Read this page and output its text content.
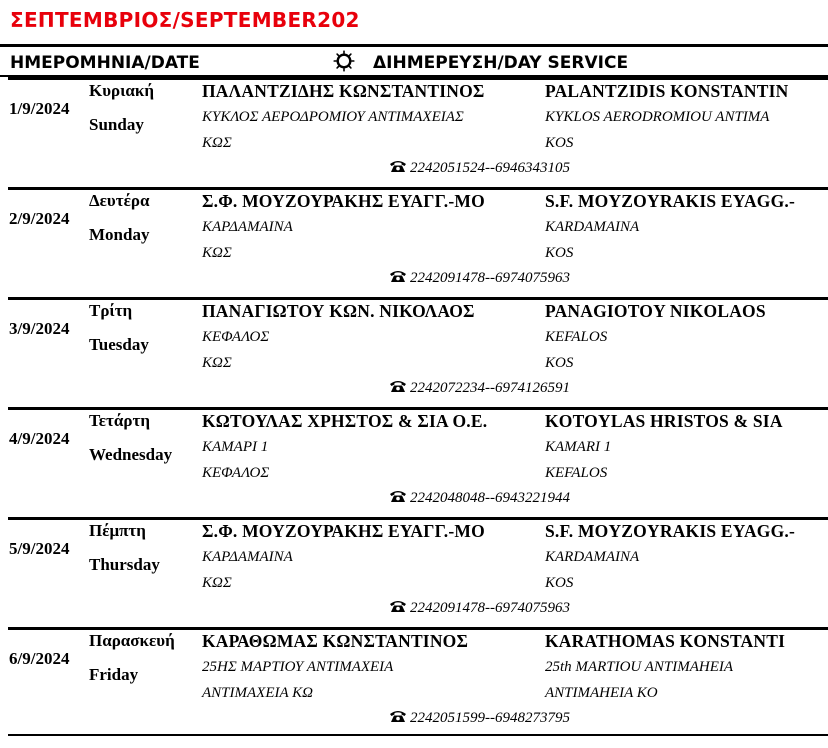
ΣΕΠΤΕΜΒΡΙΟΣ/SEPTEMBER202
ΗΜΕΡΟΜΗΝΙΑ/DATE	ΔΙΗΜΕΡΕΥΣΗ/DAY SERVICE
1/9/2024
Κυριακή
Sunday
ΠΑΛΑΝΤΖΙΔΗΣ ΚΩΝΣΤΑΝΤΙΝΟΣ	PALANTZIDIS KONSTANTIN
ΚΥΚΛΟΣ ΑΕΡΟΔΡΟΜΙΟΥ ΑΝΤΙΜΑΧΕΙΑΣ
ΚΩΣ
KYKLOS AERODROMIOU ANTIMA
KOS
2242051524--6946343105
2/9/2024
Δευτέρα
Monday
Σ.Φ. ΜΟΥΖΟΥΡΑΚΗΣ ΕΥΑΓΓ.-ΜΟ	S.F. MOYZOYRAKIS EYAGG.-
ΚΑΡΔΑΜΑΙΝΑ
ΚΩΣ
KARDAMAINA
KOS
2242091478--6974075963
3/9/2024
Τρίτη
Tuesday
ΠΑΝΑΓΙΩΤΟΥ ΚΩΝ. ΝΙΚΟΛΑΟΣ	PANAGIOTOY NIKOLAOS
ΚΕΦΑΛΟΣ
ΚΩΣ
KEFALOS
KOS
2242072234--6974126591
4/9/2024
Τετάρτη
Wednesday
ΚΩΤΟΥΛΑΣ ΧΡΗΣΤΟΣ & ΣΙΑ Ο.Ε.	KOTOYLAS HRISTOS & SIA
ΚΑΜΑΡΙ 1
ΚΕΦΑΛΟΣ
KAMARI 1
KEFALOS
2242048048--6943221944
5/9/2024
Πέμπτη
Thursday
Σ.Φ. ΜΟΥΖΟΥΡΑΚΗΣ ΕΥΑΓΓ.-ΜΟ	S.F. MOYZOYRAKIS EYAGG.-
ΚΑΡΔΑΜΑΙΝΑ
ΚΩΣ
KARDAMAINA
KOS
2242091478--6974075963
6/9/2024
Παρασκευή
Friday
ΚΑΡΑΘΩΜΑΣ ΚΩΝΣΤΑΝΤΙΝΟΣ	KARATHOMAS KONSTANTI
25ΗΣ ΜΑΡΤΙΟΥ ΑΝΤΙΜΑΧΕΙΑ
ΑΝΤΙΜΑΧΕΙΑ ΚΩ
25th MARTIOU ANTIMAHEIA
ANTIMAHEIA KO
2242051599--6948273795
